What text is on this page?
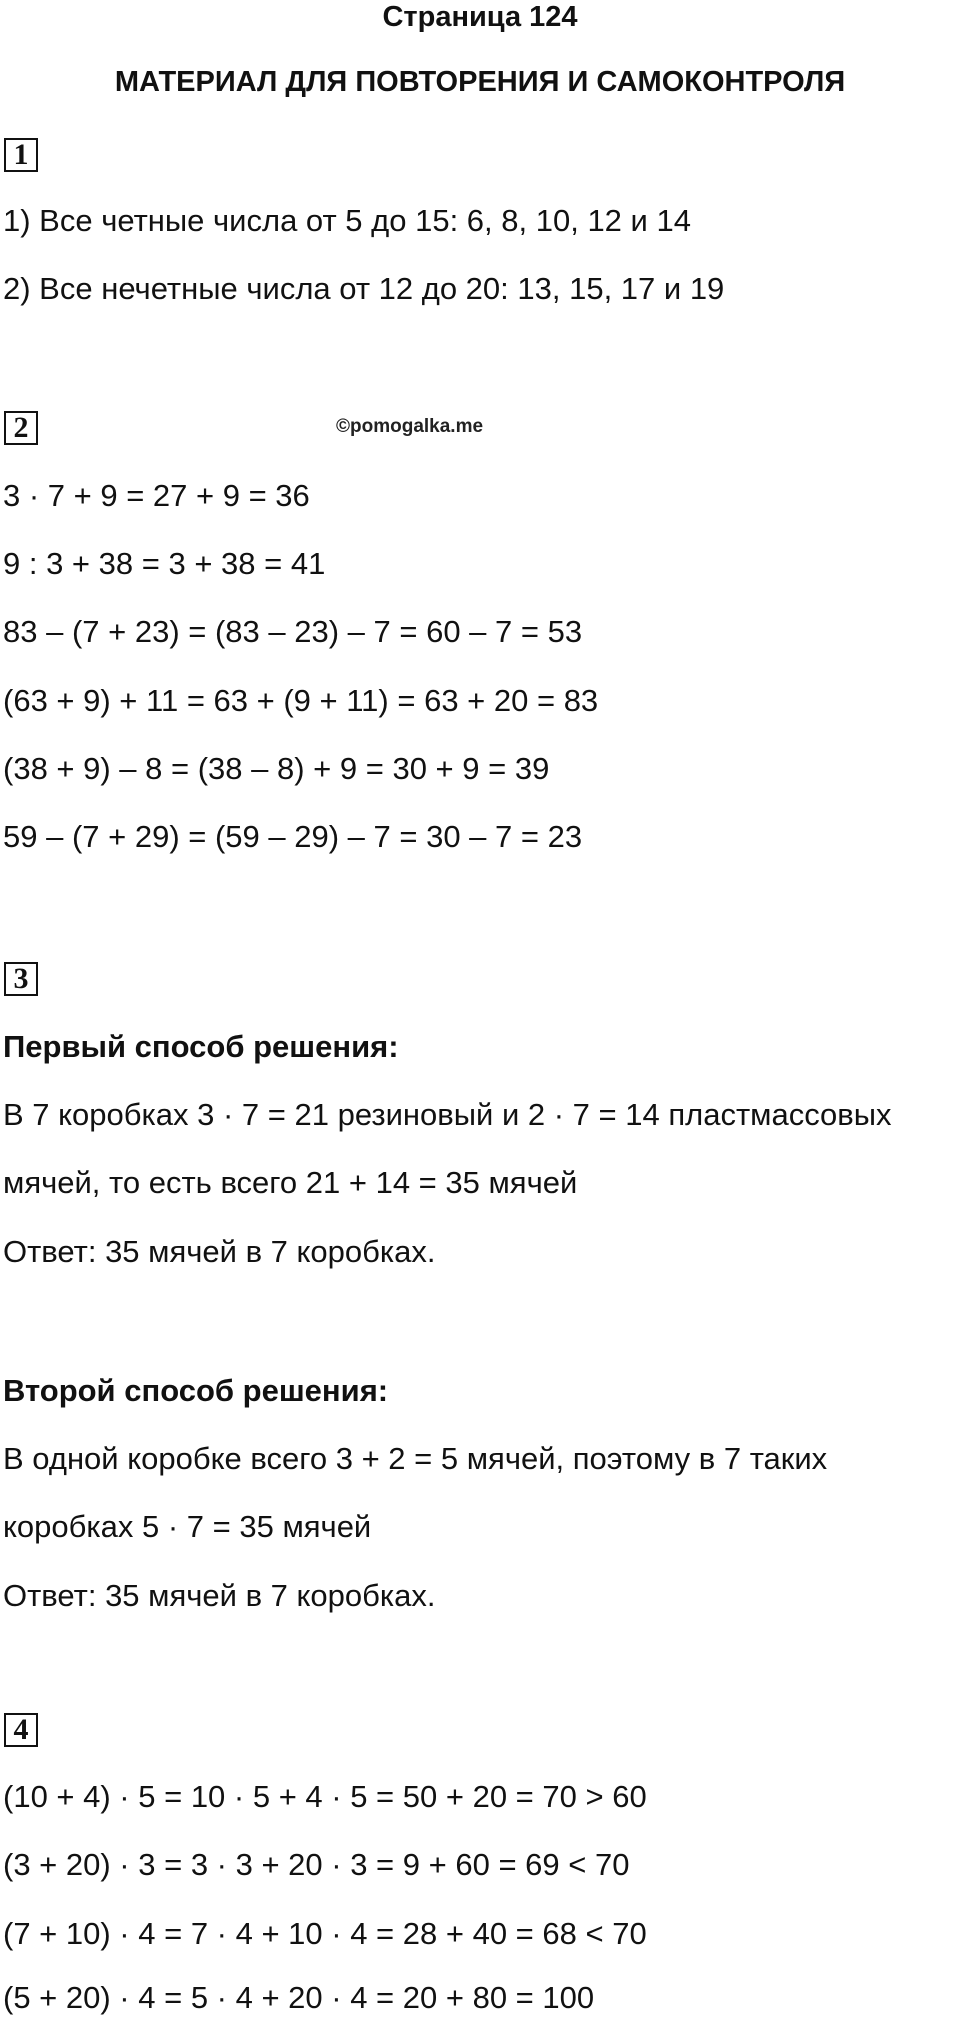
Страница 124
МАТЕРИАЛ ДЛЯ ПОВТОРЕНИЯ И САМОКОНТРОЛЯ
1
1) Все четные числа от 5 до 15: 6, 8, 10, 12 и 14
2) Все нечетные числа от 12 до 20: 13, 15, 17 и 19
2	©pomogalka.me
3 · 7 + 9 = 27 + 9 = 36
9 : 3 + 38 = 3 + 38 = 41
83 – (7 + 23) = (83 – 23) – 7 = 60 – 7 = 53
(63 + 9) + 11 = 63 + (9 + 11) = 63 + 20 = 83
(38 + 9) – 8 = (38 – 8) + 9 = 30 + 9 = 39
59 – (7 + 29) = (59 – 29) – 7 = 30 – 7 = 23
3
Первый способ решения:
В 7 коробках 3 · 7 = 21 резиновый и 2 · 7 = 14 пластмассовых
мячей, то есть всего 21 + 14 = 35 мячей
Ответ: 35 мячей в 7 коробках.
Второй способ решения:
В одной коробке всего 3 + 2 = 5 мячей, поэтому в 7 таких
коробках 5 · 7 = 35 мячей
Ответ: 35 мячей в 7 коробках.
4
(10 + 4) · 5 = 10 · 5 + 4 · 5 = 50 + 20 = 70 > 60
(3 + 20) · 3 = 3 · 3 + 20 · 3 = 9 + 60 = 69 < 70
(7 + 10) · 4 = 7 · 4 + 10 · 4 = 28 + 40 = 68 < 70
(5 + 20) · 4 = 5 · 4 + 20 · 4 = 20 + 80 = 100
